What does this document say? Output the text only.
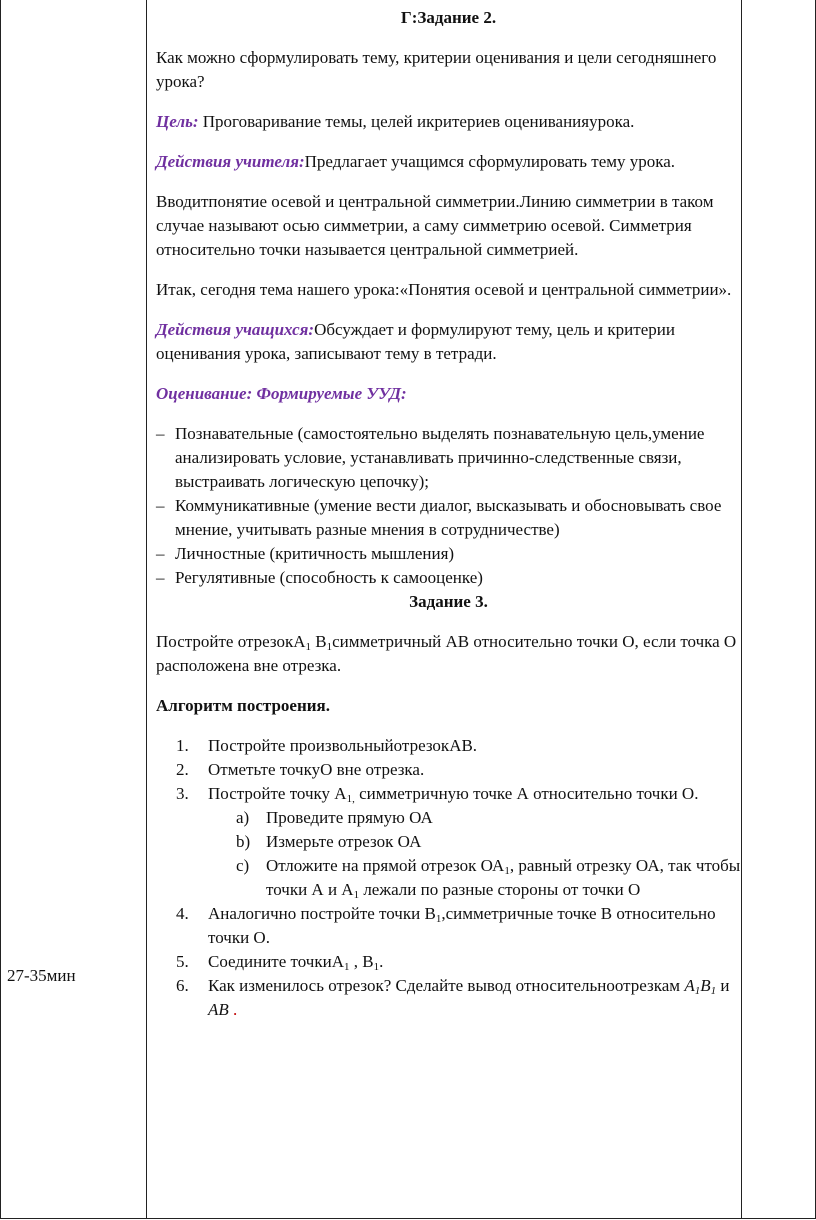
27-35мин

Г:Задание 2.

Как можно сформулировать тему, критерии оценивания и цели сегодняшнего урока?

Цель: Проговаривание темы, целей икритериев оцениванияурока.

Действия учителя:Предлагает учащимся сформулировать тему урока.

Вводитпонятие осевой и центральной симметрии.Линию симметрии в таком случае называют осью симметрии, а саму симметрию осевой. Симметрия относительно точки называется центральной симметрией.

Итак, сегодня тема нашего урока:«Понятия осевой и центральной симметрии».

Действия учащихся:Обсуждает и формулируют тему, цель и критерии оценивания урока, записывают тему в тетради.

Оценивание: Формируемые УУД:

– Познавательные (самостоятельно выделять познавательную цель,умение анализировать условие, устанавливать причинно-следственные связи, выстраивать логическую цепочку);
– Коммуникативные (умение вести диалог, высказывать и обосновывать свое мнение, учитывать разные мнения в сотрудничестве)
– Личностные (критичность мышления)
– Регулятивные (способность к самооценке)

Задание 3.

Постройте отрезокA$_1$ $B_1симметричный$ АВ относительно точки О, если точка О расположена вне отрезка.

Алгоритм построения.

1. Постройте произвольныйотрезокАВ.
2. Отметьте точкуО вне отрезка.
3. Постройте точку $А_{1,}$ симметричную точке А относительно точки О.
a) Проведите прямую ОА
b) Измерьте отрезок ОА
c) Отложите на прямой отрезок $ОА_1$, равный отрезку ОА, так чтобы точки А и $А_1$ лежали по разные стороны от точки О
4. Аналогично постройте точки $В_1,симметричные$ точке В относительно точки О.
5. Соедините точкиA$_1$ , $B_1$.
6. Как изменилось отрезок? Сделайте вывод относительноотрезкам $A_1B_1$ и AB .
